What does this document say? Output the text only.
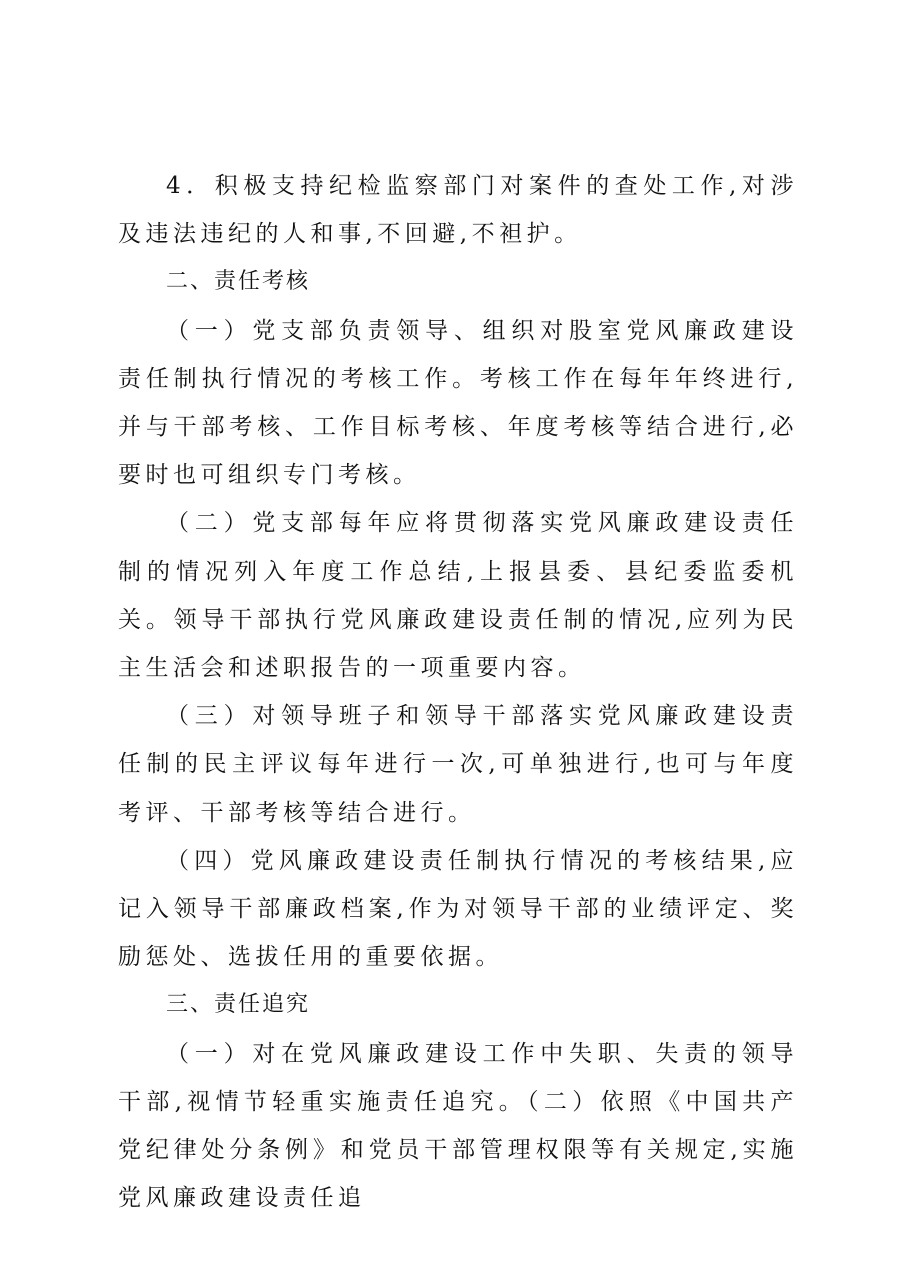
4．积极支持纪检监察部门对案件的查处工作,对涉及违法违纪的人和事,不回避,不袒护。

二、责任考核

（一）党支部负责领导、组织对股室党风廉政建设责任制执行情况的考核工作。考核工作在每年年终进行,并与干部考核、工作目标考核、年度考核等结合进行,必要时也可组织专门考核。

（二）党支部每年应将贯彻落实党风廉政建设责任制的情况列入年度工作总结,上报县委、县纪委监委机关。领导干部执行党风廉政建设责任制的情况,应列为民主生活会和述职报告的一项重要内容。

（三）对领导班子和领导干部落实党风廉政建设责任制的民主评议每年进行一次,可单独进行,也可与年度考评、干部考核等结合进行。

（四）党风廉政建设责任制执行情况的考核结果,应记入领导干部廉政档案,作为对领导干部的业绩评定、奖励惩处、选拔任用的重要依据。

三、责任追究

（一）对在党风廉政建设工作中失职、失责的领导干部,视情节轻重实施责任追究。（二）依照《中国共产党纪律处分条例》和党员干部管理权限等有关规定,实施党风廉政建设责任追
